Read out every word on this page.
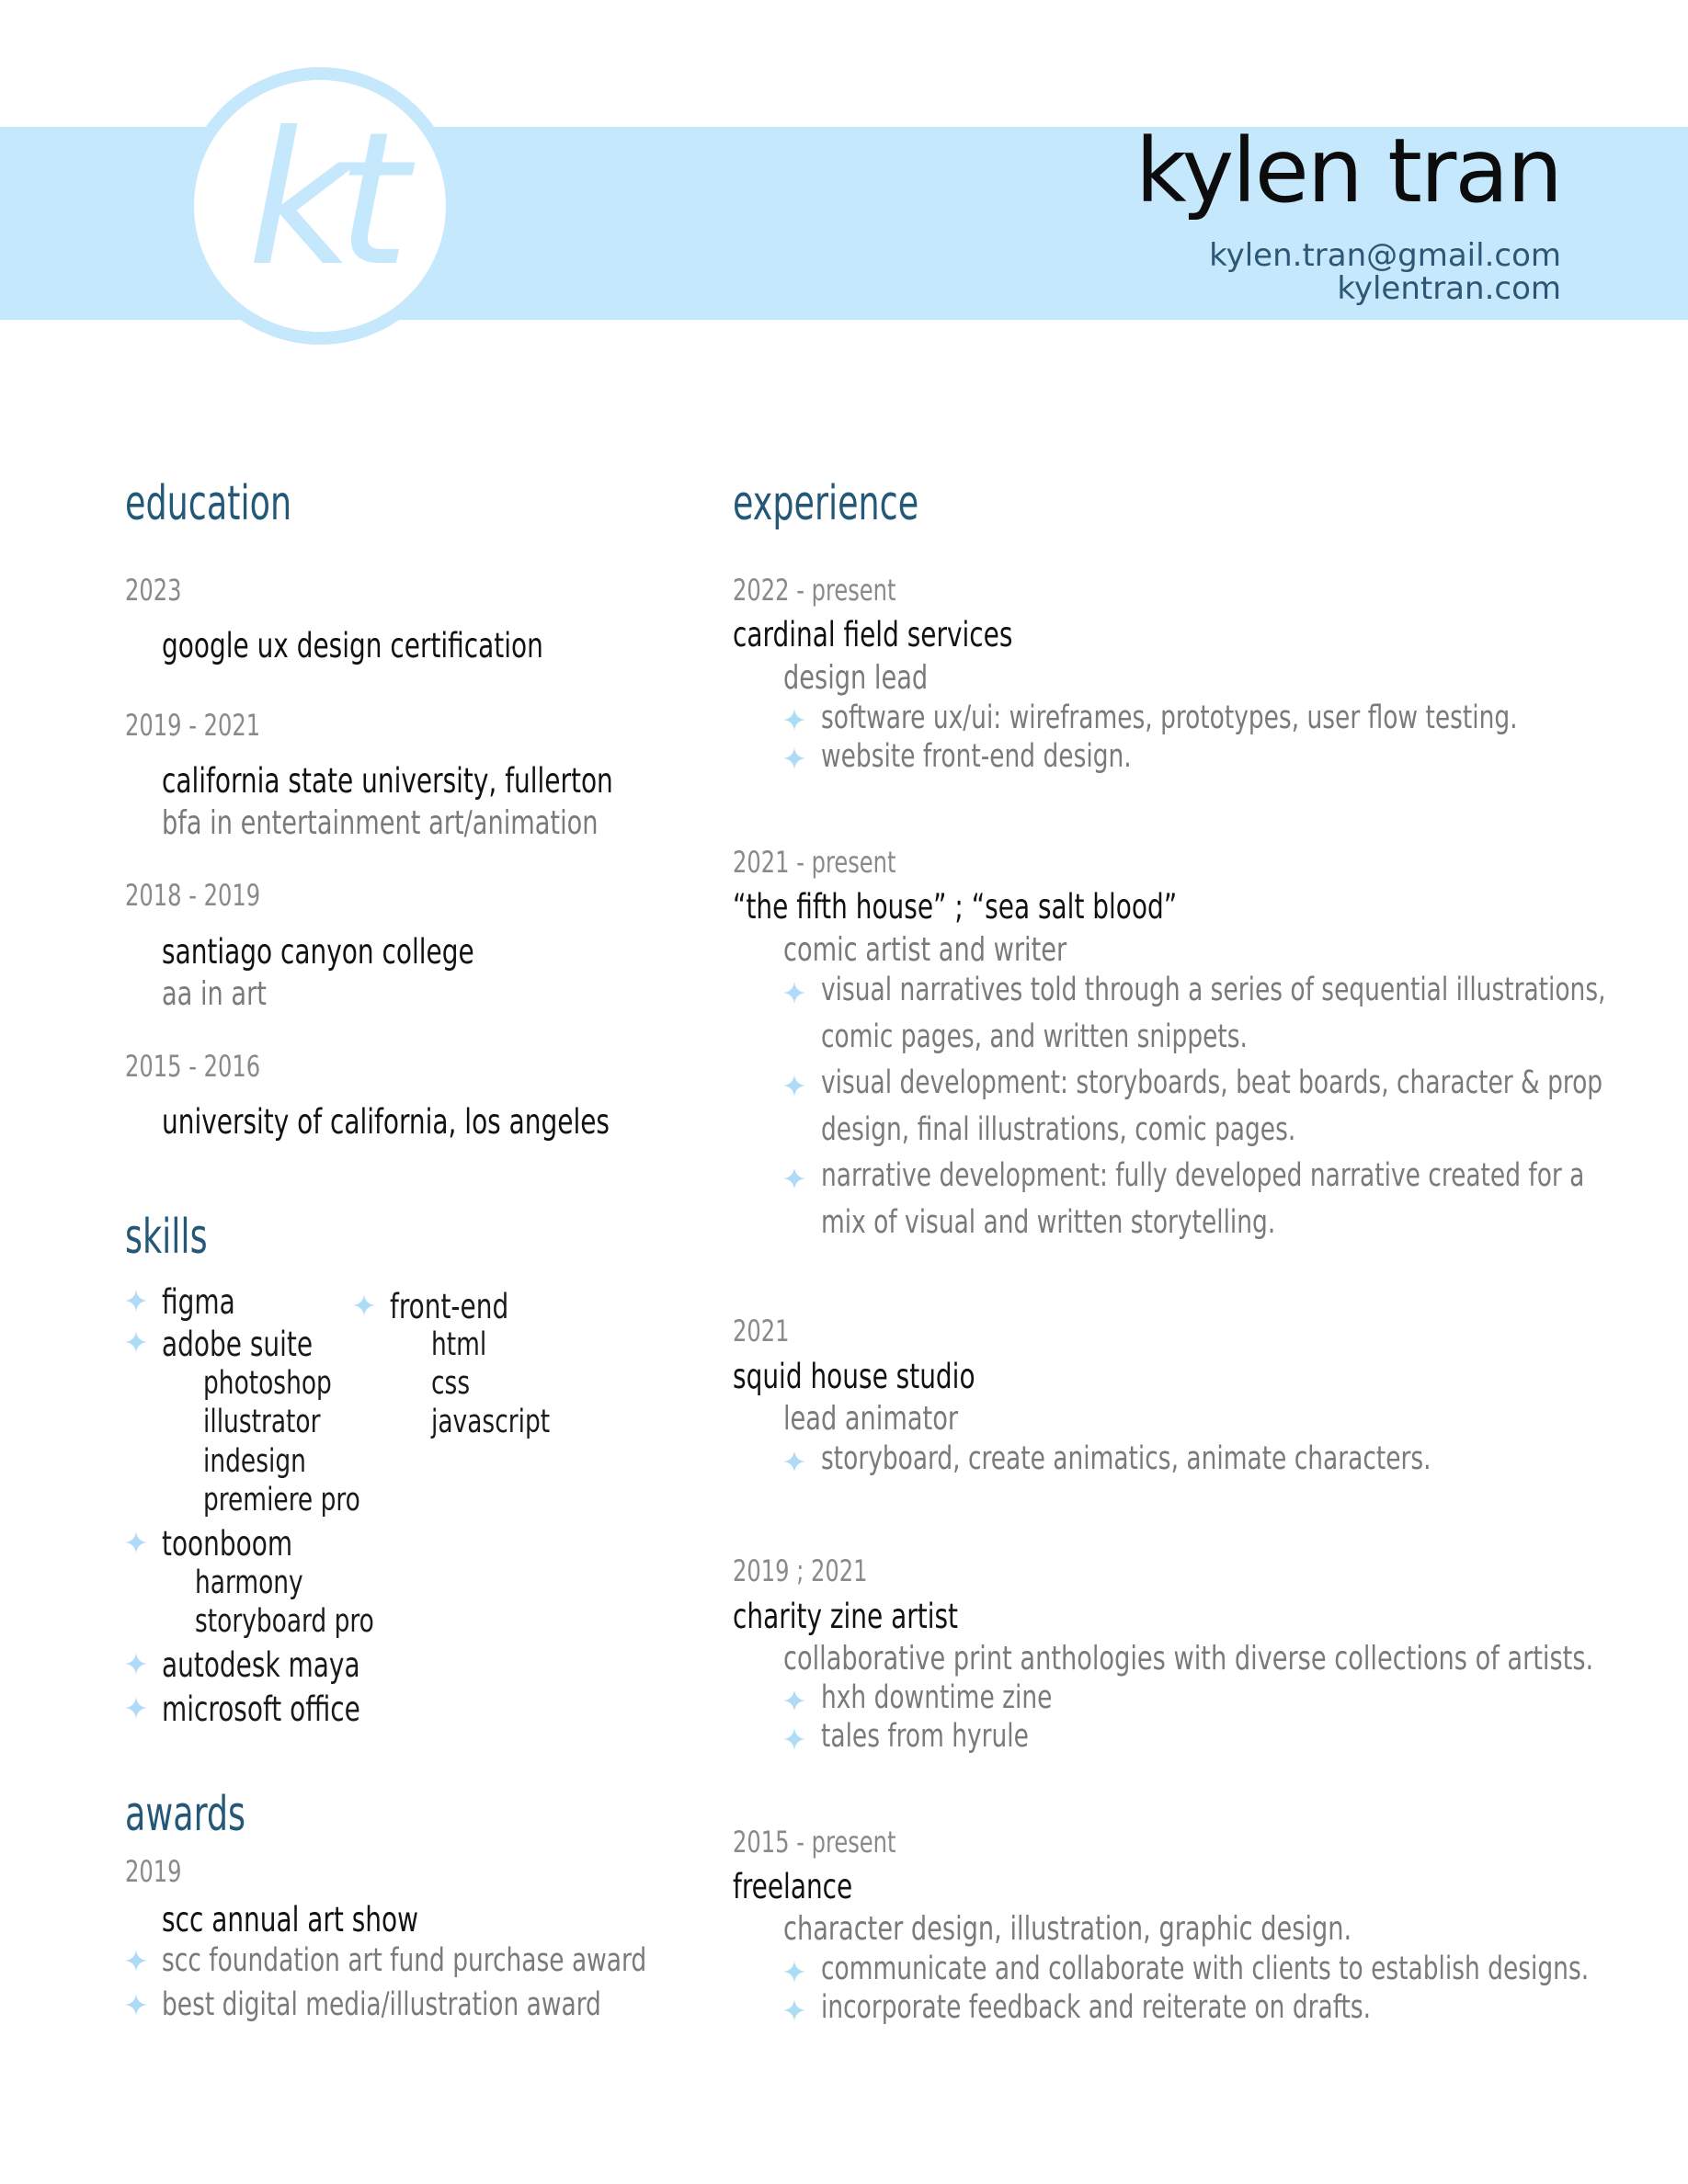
kt	kylen tran
kylen.tran@gmail.com
kylentran.com
education
2023
google ux design certification
2019 - 2021
california state university, fullerton
bfa in entertainment art/animation
2018 - 2019
santiago canyon college
aa in art
2015 - 2016
university of california, los angeles
skills
figma
adobe suite
photoshop
illustrator
indesign
premiere pro
toonboom
harmony
storyboard pro
autodesk maya
microsoft office
front-end
html
css
javascript
awards
2019
scc annual art show
scc foundation art fund purchase award
best digital media/illustration award
experience
2022 - present
cardinal field services
design lead
software ux/ui: wireframes, prototypes, user flow testing.
website front-end design.
2021 - present
“the fifth house” ; “sea salt blood”
comic artist and writer
visual narratives told through a series of sequential illustrations,
comic pages, and written snippets.
visual development: storyboards, beat boards, character & prop
design, final illustrations, comic pages.
narrative development: fully developed narrative created for a
mix of visual and written storytelling.
2021
squid house studio
lead animator
storyboard, create animatics, animate characters.
2019 ; 2021
charity zine artist
collaborative print anthologies with diverse collections of artists.
hxh downtime zine
tales from hyrule
2015 - present
freelance
character design, illustration, graphic design.
communicate and collaborate with clients to establish designs.
incorporate feedback and reiterate on drafts.
